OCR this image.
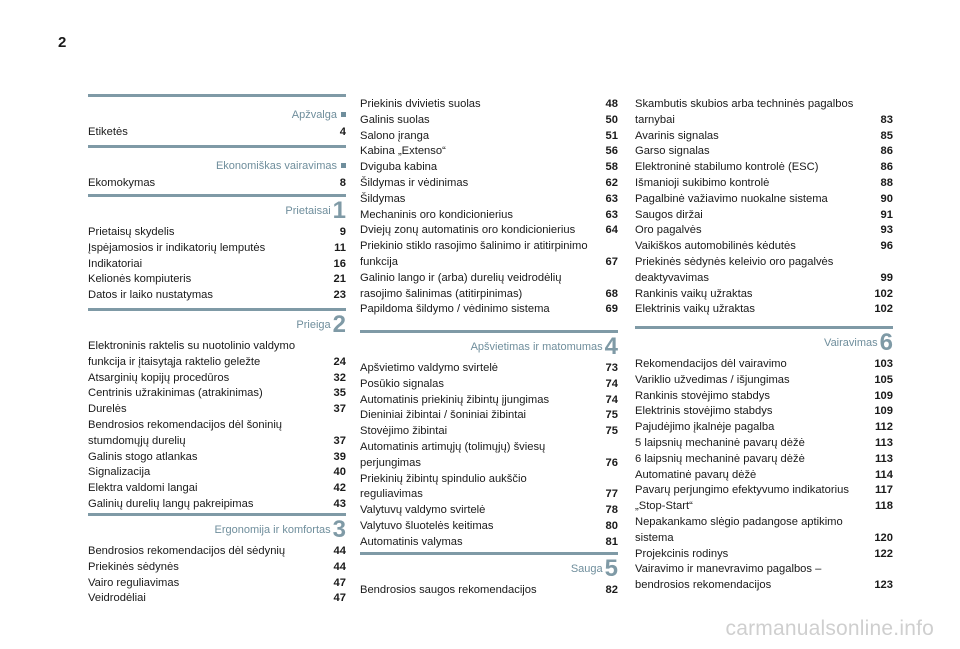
2
Apžvalga
Etiketės	4
Ekonomiškas vairavimas
Ekomokymas	8
Prietaisai1
Prietaisų skydelis	9
Įspėjamosios ir indikatorių lemputės	11
Indikatoriai	16
Kelionės kompiuteris	21
Datos ir laiko nustatymas	23
Prieiga2
Elektroninis raktelis su nuotolinio valdymo funkcija ir įtaisytąja raktelio geležte	24
Atsarginių kopijų procedūros	32
Centrinis užrakinimas (atrakinimas)	35
Durelės	37
Bendrosios rekomendacijos dėl šoninių stumdomųjų durelių	37
Galinis stogo atlankas	39
Signalizacija	40
Elektra valdomi langai	42
Galinių durelių langų pakreipimas	43
Ergonomija ir komfortas3
Bendrosios rekomendacijos dėl sėdynių	44
Priekinės sėdynės	44
Vairo reguliavimas	47
Veidrodėliai	47
Priekinis dvivietis suolas	48
Galinis suolas	50
Salono įranga	51
Kabina „Extenso“	56
Dviguba kabina	58
Šildymas ir vėdinimas	62
Šildymas	63
Mechaninis oro kondicionierius	63
Dviejų zonų automatinis oro kondicionierius	64
Priekinio stiklo rasojimo šalinimo ir atitirpinimo funkcija	67
Galinio lango ir (arba) durelių veidrodėlių rasojimo šalinimas (atitirpinimas)	68
Papildoma šildymo / vėdinimo sistema	69
Apšvietimas ir matomumas4
Apšvietimo valdymo svirtelė	73
Posūkio signalas	74
Automatinis priekinių žibintų įjungimas	74
Dieniniai žibintai / šoniniai žibintai	75
Stovėjimo žibintai	75
Automatinis artimųjų (tolimųjų) šviesų perjungimas	76
Priekinių žibintų spindulio aukščio reguliavimas	77
Valytuvų valdymo svirtelė	78
Valytuvo šluotelės keitimas	80
Automatinis valymas	81
Sauga5
Bendrosios saugos rekomendacijos	82
Skambutis skubios arba techninės pagalbos tarnybai	83
Avarinis signalas	85
Garso signalas	86
Elektroninė stabilumo kontrolė (ESC)	86
Išmanioji sukibimo kontrolė	88
Pagalbinė važiavimo nuokalne sistema	90
Saugos diržai	91
Oro pagalvės	93
Vaikiškos automobilinės kėdutės	96
Priekinės sėdynės keleivio oro pagalvės deaktyvavimas	99
Rankinis vaikų užraktas	102
Elektrinis vaikų užraktas	102
Vairavimas6
Rekomendacijos dėl vairavimo	103
Variklio užvedimas / išjungimas	105
Rankinis stovėjimo stabdys	109
Elektrinis stovėjimo stabdys	109
Pajudėjimo įkalnėje pagalba	112
5 laipsnių mechaninė pavarų dėžė	113
6 laipsnių mechaninė pavarų dėžė	113
Automatinė pavarų dėžė	114
Pavarų perjungimo efektyvumo indikatorius 117
„Stop-Start“	118
Nepakankamo slėgio padangose aptikimo sistema	120
Projekcinis rodinys	122
Vairavimo ir manevravimo pagalbos – bendrosios rekomendacijos	123
carmanualsonline.info
